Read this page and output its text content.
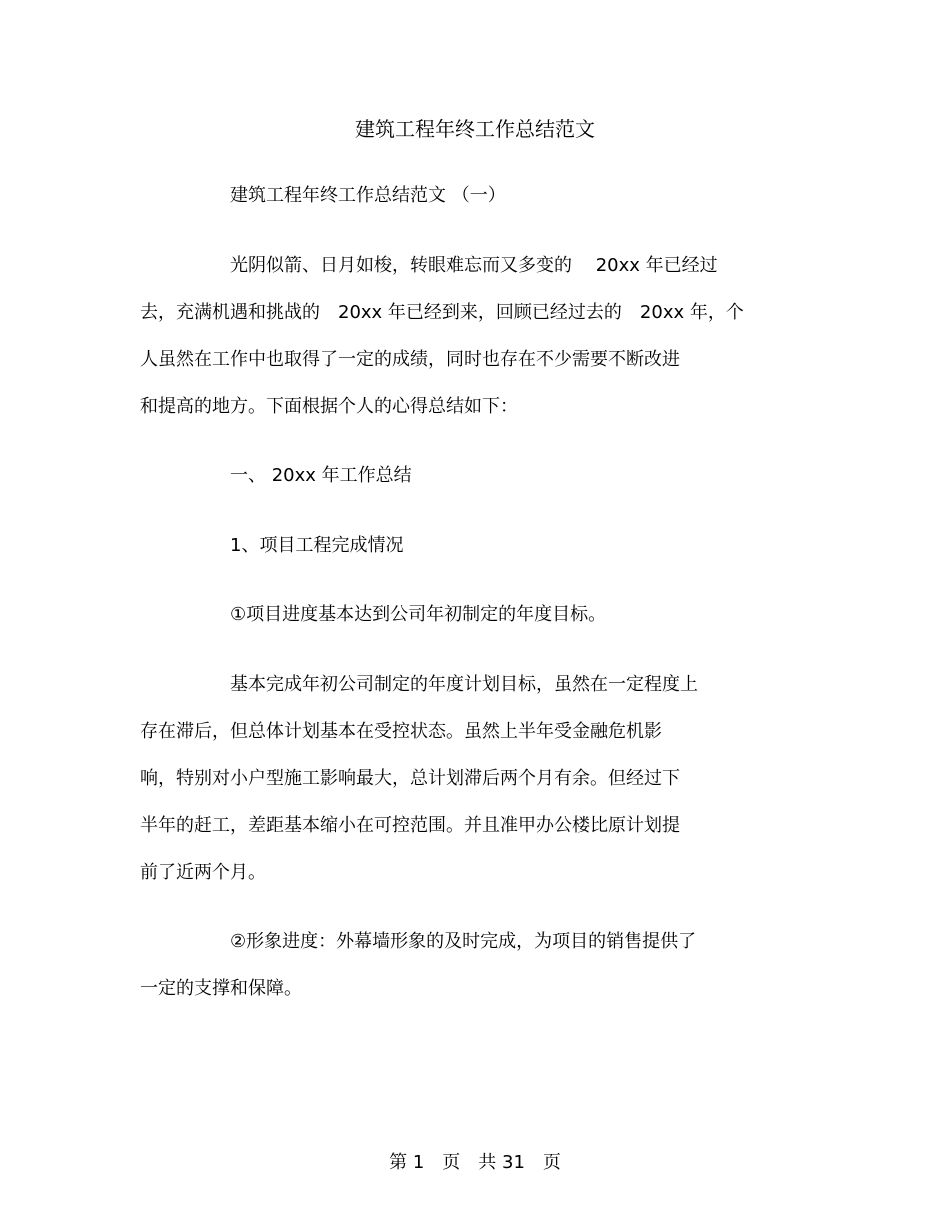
建筑工程年终工作总结范文
建筑工程年终工作总结范文 （一）
光阴似箭、日月如梭，转眼难忘而又多变的　 20xx 年已经过
去，充满机遇和挑战的　20xx 年已经到来，回顾已经过去的　20xx 年，个
人虽然在工作中也取得了一定的成绩，同时也存在不少需要不断改进
和提高的地方。下面根据个人的心得总结如下：
一、 20xx 年工作总结
1、项目工程完成情况
①项目进度基本达到公司年初制定的年度目标。
基本完成年初公司制定的年度计划目标，虽然在一定程度上
存在滞后，但总体计划基本在受控状态。虽然上半年受金融危机影
响，特别对小户型施工影响最大，总计划滞后两个月有余。但经过下
半年的赶工，差距基本缩小在可控范围。并且准甲办公楼比原计划提
前了近两个月。
②形象进度：外幕墙形象的及时完成，为项目的销售提供了
一定的支撑和保障。
第 1　页　共 31　页
